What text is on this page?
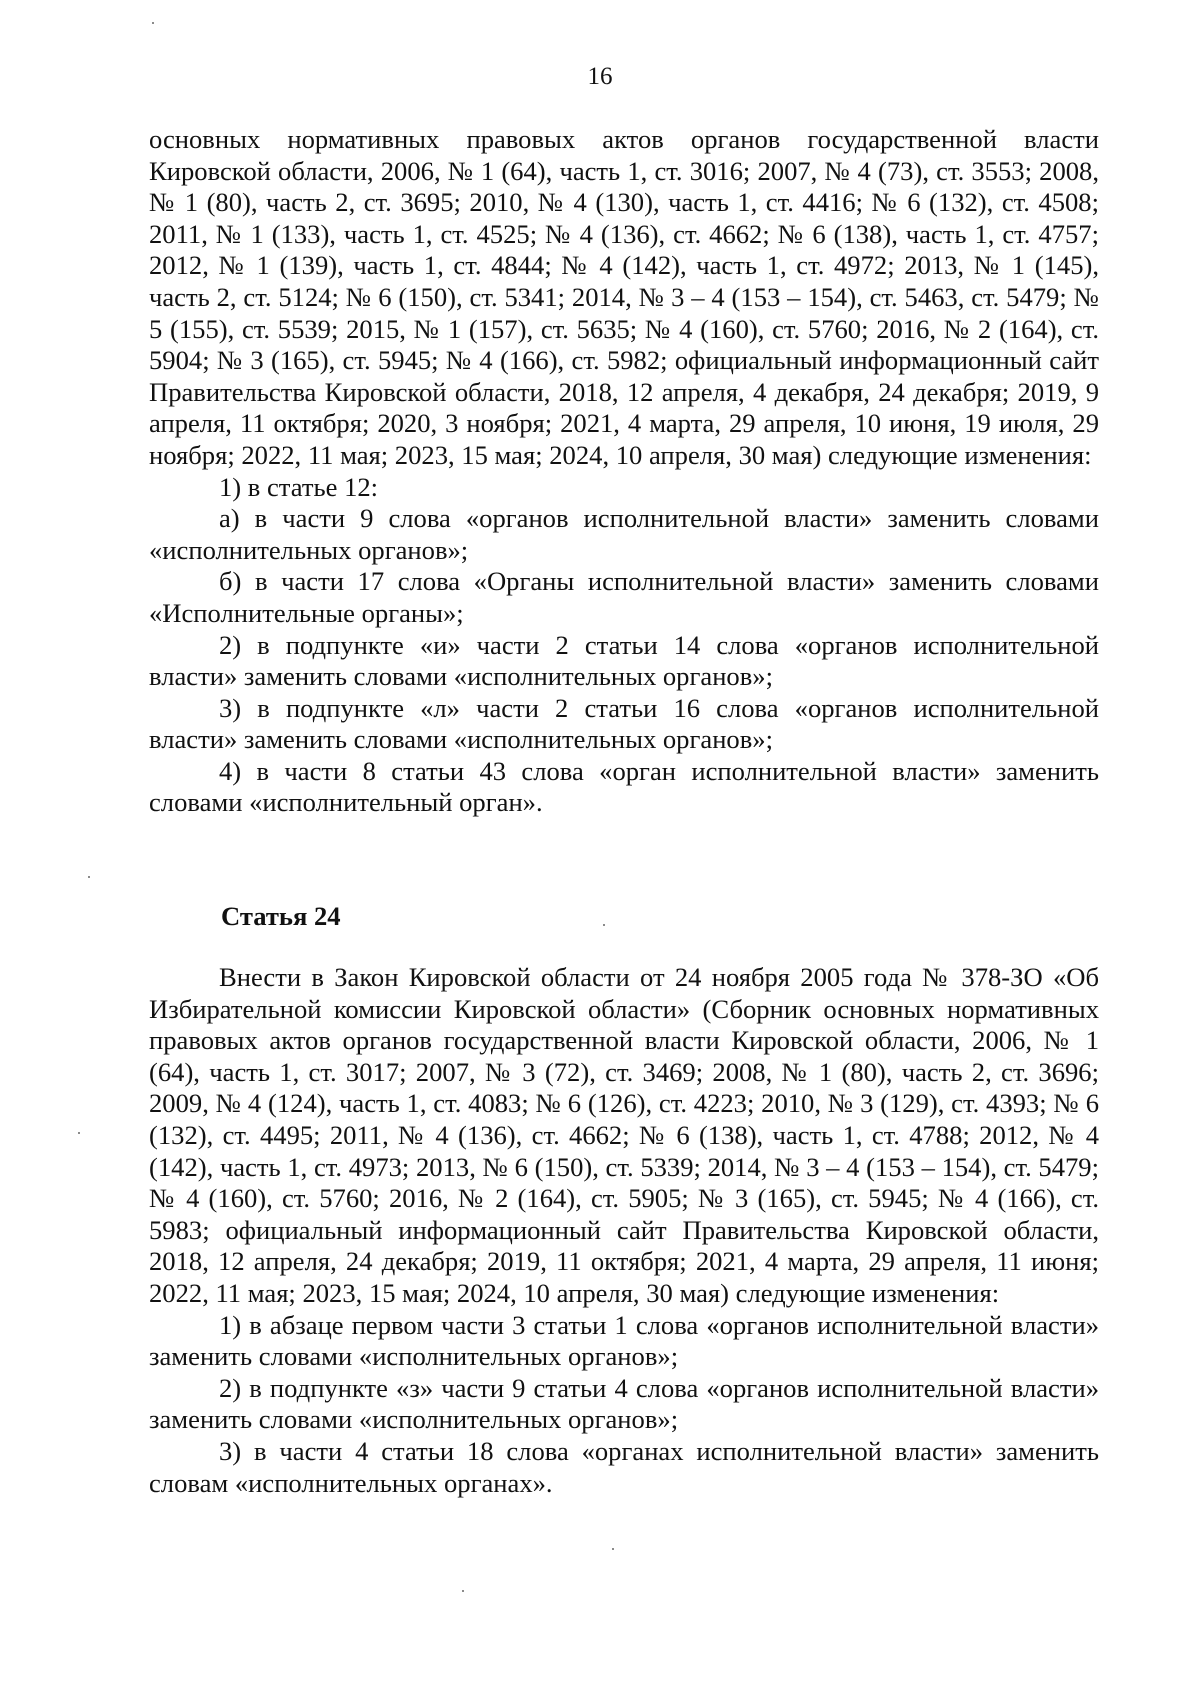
16

основных нормативных правовых актов органов государственной власти Кировской области, 2006, № 1 (64), часть 1, ст. 3016; 2007, № 4 (73), ст. 3553; 2008, № 1 (80), часть 2, ст. 3695; 2010, № 4 (130), часть 1, ст. 4416; № 6 (132), ст. 4508; 2011, № 1 (133), часть 1, ст. 4525; № 4 (136), ст. 4662; № 6 (138), часть 1, ст. 4757; 2012, № 1 (139), часть 1, ст. 4844; № 4 (142), часть 1, ст. 4972; 2013, № 1 (145), часть 2, ст. 5124; № 6 (150), ст. 5341; 2014, № 3 – 4 (153 – 154), ст. 5463, ст. 5479; № 5 (155), ст. 5539; 2015, № 1 (157), ст. 5635; № 4 (160), ст. 5760; 2016, № 2 (164), ст. 5904; № 3 (165), ст. 5945; № 4 (166), ст. 5982; официальный информационный сайт Правительства Кировской области, 2018, 12 апреля, 4 декабря, 24 декабря; 2019, 9 апреля, 11 октября; 2020, 3 ноября; 2021, 4 марта, 29 апреля, 10 июня, 19 июля, 29 ноября; 2022, 11 мая; 2023, 15 мая; 2024, 10 апреля, 30 мая) следующие изменения:

1) в статье 12:

а) в части 9 слова «органов исполнительной власти» заменить словами «исполнительных органов»;

б) в части 17 слова «Органы исполнительной власти» заменить словами «Исполнительные органы»;

2) в подпункте «и» части 2 статьи 14 слова «органов исполнительной власти» заменить словами «исполнительных органов»;

3) в подпункте «л» части 2 статьи 16 слова «органов исполнительной власти» заменить словами «исполнительных органов»;

4) в части 8 статьи 43 слова «орган исполнительной власти» заменить словами «исполнительный орган».

Статья 24

Внести в Закон Кировской области от 24 ноября 2005 года № 378-ЗО «Об Избирательной комиссии Кировской области» (Сборник основных нормативных правовых актов органов государственной власти Кировской области, 2006, № 1 (64), часть 1, ст. 3017; 2007, № 3 (72), ст. 3469; 2008, № 1 (80), часть 2, ст. 3696; 2009, № 4 (124), часть 1, ст. 4083; № 6 (126), ст. 4223; 2010, № 3 (129), ст. 4393; № 6 (132), ст. 4495; 2011, № 4 (136), ст. 4662; № 6 (138), часть 1, ст. 4788; 2012, № 4 (142), часть 1, ст. 4973; 2013, № 6 (150), ст. 5339; 2014, № 3 – 4 (153 – 154), ст. 5479; № 4 (160), ст. 5760; 2016, № 2 (164), ст. 5905; № 3 (165), ст. 5945; № 4 (166), ст. 5983; официальный информационный сайт Правительства Кировской области, 2018, 12 апреля, 24 декабря; 2019, 11 октября; 2021, 4 марта, 29 апреля, 11 июня; 2022, 11 мая; 2023, 15 мая; 2024, 10 апреля, 30 мая) следующие изменения:

1) в абзаце первом части 3 статьи 1 слова «органов исполнительной власти» заменить словами «исполнительных органов»;

2) в подпункте «з» части 9 статьи 4 слова «органов исполнительной власти» заменить словами «исполнительных органов»;

3) в части 4 статьи 18 слова «органах исполнительной власти» заменить словам «исполнительных органах».
